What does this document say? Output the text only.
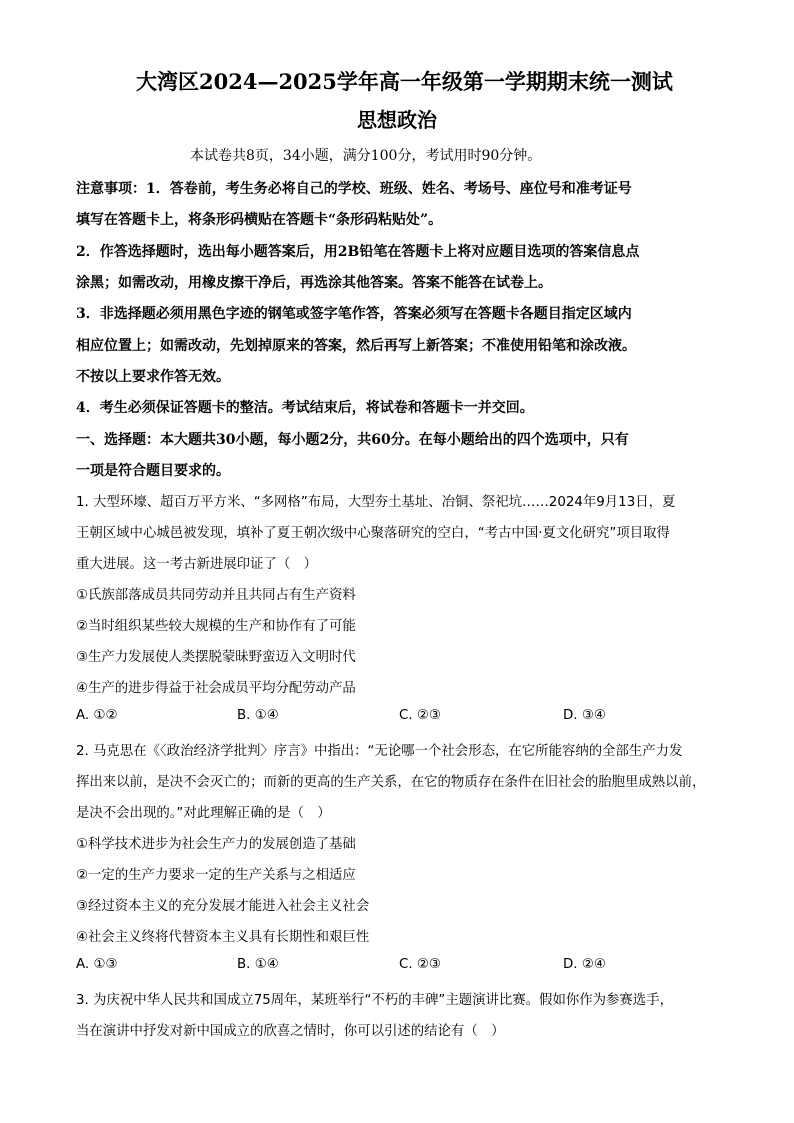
大湾区2024—2025学年高一年级第一学期期末统一测试
思想政治
本试卷共8页，34小题，满分100分，考试用时90分钟。
注意事项：1．答卷前，考生务必将自己的学校、班级、姓名、考场号、座位号和准考证号
填写在答题卡上，将条形码横贴在答题卡“条形码粘贴处”。
2．作答选择题时，选出每小题答案后，用2B铅笔在答题卡上将对应题目选项的答案信息点
涂黑；如需改动，用橡皮擦干净后，再选涂其他答案。答案不能答在试卷上。
3．非选择题必须用黑色字迹的钢笔或签字笔作答，答案必须写在答题卡各题目指定区域内
相应位置上；如需改动，先划掉原来的答案，然后再写上新答案；不准使用铅笔和涂改液。
不按以上要求作答无效。
4．考生必须保证答题卡的整洁。考试结束后，将试卷和答题卡一并交回。
一、选择题：本大题共30小题，每小题2分，共60分。在每小题给出的四个选项中，只有
一项是符合题目要求的。
1. 大型环壕、超百万平方米、“多网格”布局，大型夯土基址、冶铜、祭祀坑……2024年9月13日，夏
王朝区域中心城邑被发现，填补了夏王朝次级中心聚落研究的空白，“考古中国·夏文化研究”项目取得
重大进展。这一考古新进展印证了（　）
①氏族部落成员共同劳动并且共同占有生产资料
②当时组织某些较大规模的生产和协作有了可能
③生产力发展使人类摆脱蒙昧野蛮迈入文明时代
④生产的进步得益于社会成员平均分配劳动产品
A. ①②	B. ①④	C. ②③	D. ③④
2. 马克思在《〈政治经济学批判〉序言》中指出：“无论哪一个社会形态，在它所能容纳的全部生产力发
挥出来以前，是决不会灭亡的；而新的更高的生产关系，在它的物质存在条件在旧社会的胎胞里成熟以前，
是决不会出现的。”对此理解正确的是（　）
①科学技术进步为社会生产力的发展创造了基础
②一定的生产力要求一定的生产关系与之相适应
③经过资本主义的充分发展才能进入社会主义社会
④社会主义终将代替资本主义具有长期性和艰巨性
A. ①③	B. ①④	C. ②③	D. ②④
3. 为庆祝中华人民共和国成立75周年，某班举行“不朽的丰碑”主题演讲比赛。假如你作为参赛选手，
当在演讲中抒发对新中国成立的欣喜之情时，你可以引述的结论有（　）
